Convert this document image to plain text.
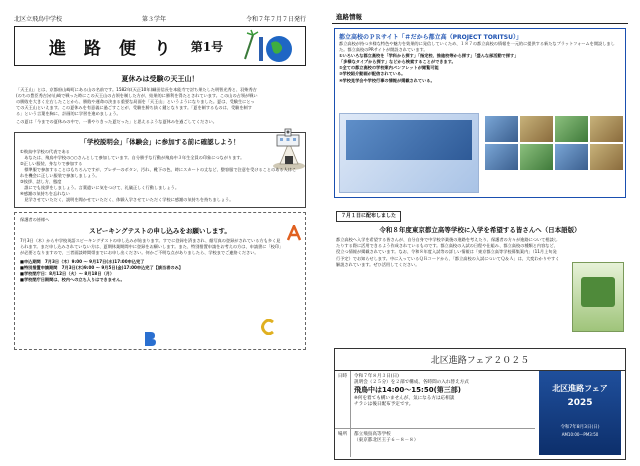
北区立飛鳥中学校	第３学年	令和７年７月７日発行
進 路 便 り 第1号
夏休みは受験の天王山！
「天王山」とは、京都府山崎町にある山の名前です。1582年(天正10年)織田信長を本能寺で討ち果たした明智光秀と、羽柴秀吉(のちの豊臣秀吉)が山崎で戦った時にこの天王山の占領を制した方が、結果的に勝利を得たとされています。この山の占領が戦いの勝敗を大きく左右したことから、勝敗や運命の決まる重要な局面を「天王山」というようになりました。夏は、受験生にとっての天王山といえます。この夏休みを有意義に過ごすことが、受験を勝ち抜く鍵となります。「夏を制するものは、受験を制する」という言葉を胸に、計画的に学習を進めましょう。
この夏は「今までの夏休みの中で、一番やりきった夏だった」と思えるような夏休みを過ごしてください。
「学校説明会」「体験会」に参加する前に確認しよう！
①飛鳥中学校の代表である
　あなたは、飛鳥中学校の○○さんとして参加しています。自分勝手な行動が飛鳥中３年生全員の印象につながります。
②正しい服装、身なりで参加する
　標準服で参加することはもちろんですが、ブレザーのボタン、汚れ、靴下の色、時にスカートの丈など、整容服で注意を受けることのある人はこれを機会に正しい服装で参加しましょう。
③挨拶、話し方、態度
　誰にでも挨拶をしましょう。言葉遣いに気をつけて、礼儀正しく行動しましょう。
④感謝の気持ちを忘れない
　見学させていただく、説明を聞かせていただく、体験入学させていただく学校に感謝の気持ちを持ちましょう。
保護者の皆様へ
スピーキングテストの申し込みをお願いします。
7月3日（木）から中学校英語スピーキングテストの申し込みが始まります。すでに登録を済まされ、顔写真の登録がされている方も多く見られます。まだ申し込みされていない方は、夏期休業期間中に登録をお願いします。また、特別措置申請をお考えの方は、申請書に「校印」が必要となりますので、三者面談時間帯までにお申し出ください。何かご不明な点がありましたら、学校までご連絡ください。
■申込期間　7月3日（木）9:00 ～ 9月17日(水)17:00申込完了
■特別措置申請期間　7月3日(木)9:00 ～ 9月5日(金)17:00申込完了【該当者のみ】
■学校閉庁日：8月12日（火）～ 8月18日（月）
■学校閉庁日期間は、校内への立ち入りはできません。
進路情報
都立高校のＰＲサイト「＃だから都立高（PROJECT TORITSU）」
都立高校が持つ多様な特色や魅力を効果的に発信していくため、１８７の都立高校の情報を一元的に提供する新たなプラットフォームを開設しました。都立高校のPRサイトが開設されています。
①いろいろな都立高校を「学科から探す」「指定校、推進校等から探す」「盛んな部活動で探す」
「多様なタイプから探す」などから検索することができます。
②全ての都立高校の学校案内パンフレットが閲覧可能
③学校紹介動画が配信されている。
④学校見学会や学校行事の情報が掲載されている。
７月１日に配布しました
令和８年度東京都立高等学校に入学を希望する皆さんへ（日本語版）
都立高校へ入学を希望する皆さんが、自分自身で中学校卒業後の進路を考えたり、保護者の方々が進路について相談したりする際に活用できるよう作成されているものです。都立高校の入試の日程や仕組み、都立高校の種類と内容など、役立つ情報が掲載されています。なお、令和８年度入試等の詳しい情報は「東京都立高等学校募集案内」（11月上旬発行予定）でお知らせします。中に入っているＱＲコードから、「都立高校の入試についてＱ＆Ａ」は、大変わかりやすく解説されています。ぜひ活用してください。
北区進路フェア２０２５
日時	令和７年８月３日(日)
説明会（２５分）を２部で構成、各時間の入れ替え方式
飛鳥中は14:00～15:50(第三部)
※何を着ても構いませんが、気になる方は応相談
チラシは後日配布予定です。
場所	都立飛鳥高等学校
（東京都北区王子６－８－８）
北区進路フェア
2025
令和7年8月3日(日)
AM10:00～PM3:50
